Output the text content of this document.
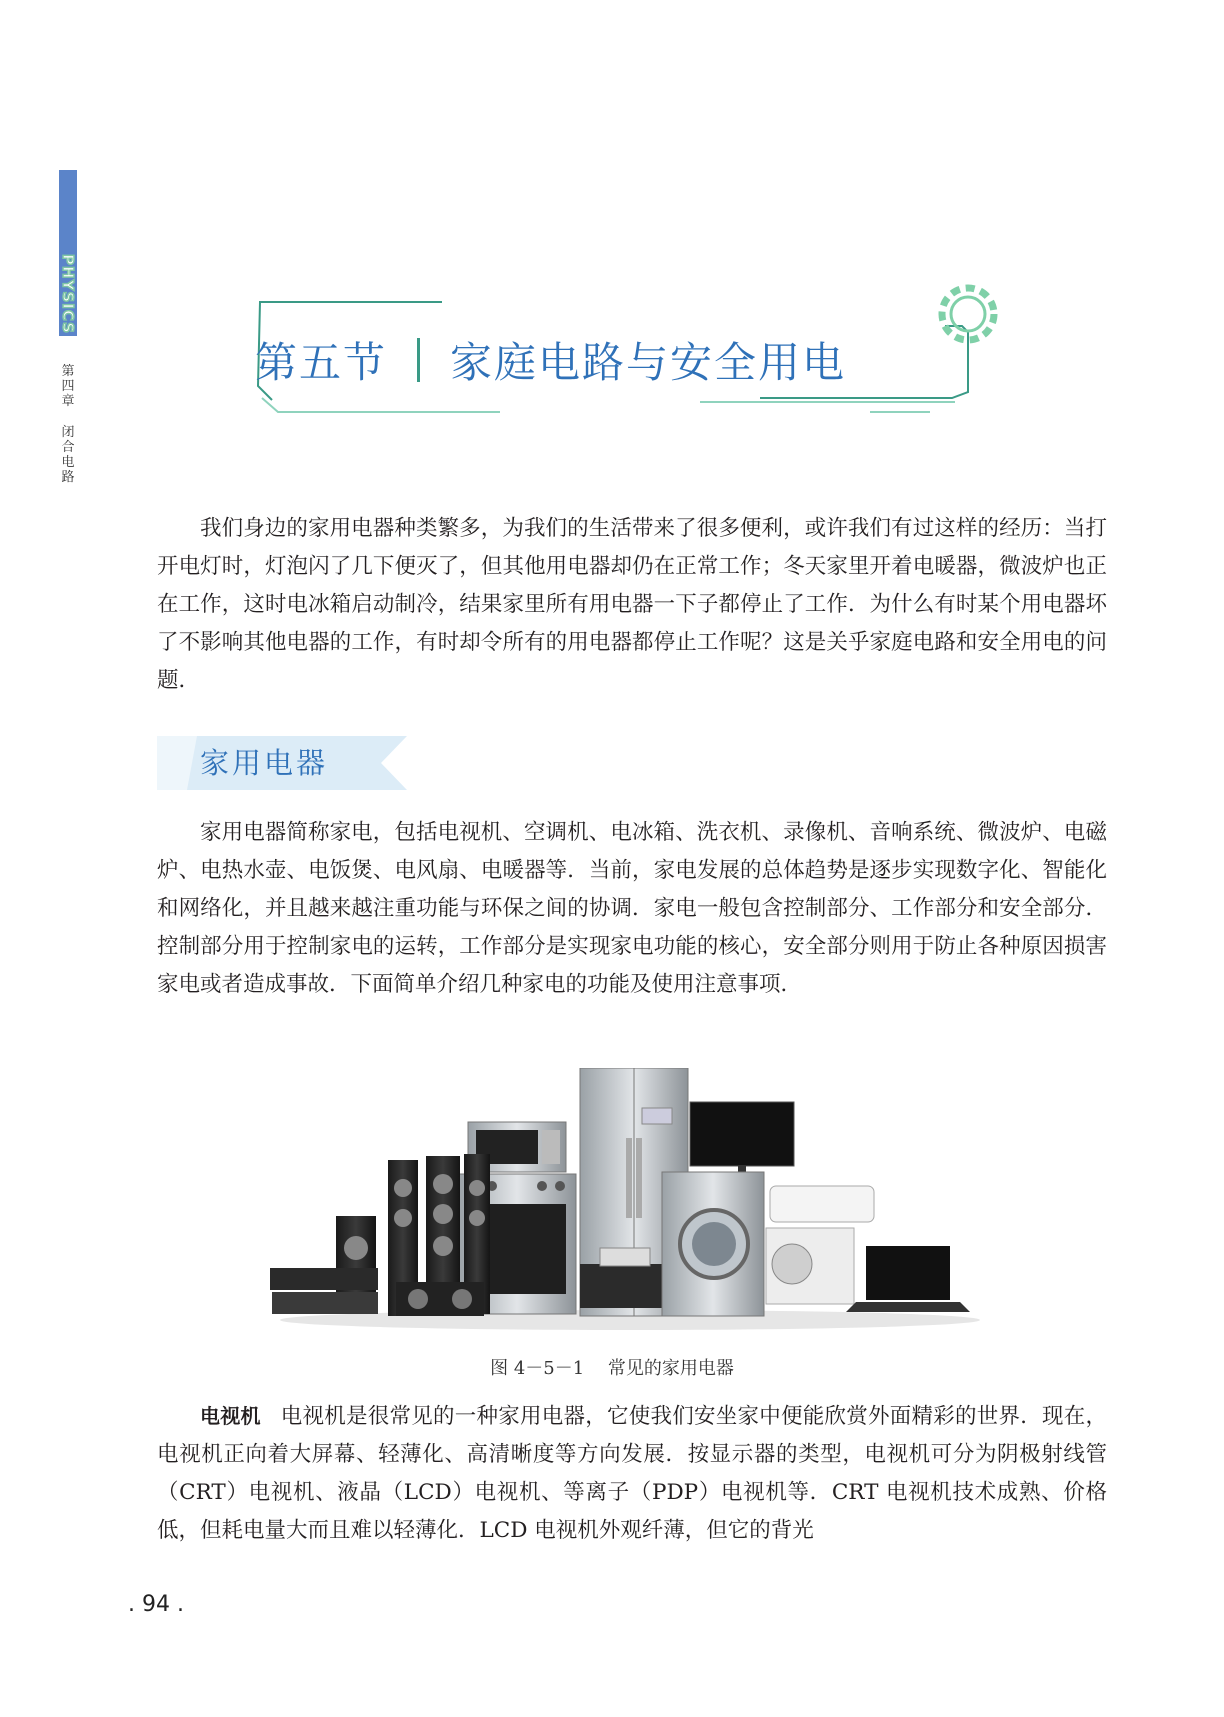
PHYSICS
第四章
闭合电路
第五节 家庭电路与安全用电
我们身边的家用电器种类繁多，为我们的生活带来了很多便利，或许我们有过这样的经历：当打开电灯时，灯泡闪了几下便灭了，但其他用电器却仍在正常工作；冬天家里开着电暖器，微波炉也正在工作，这时电冰箱启动制冷，结果家里所有用电器一下子都停止了工作．为什么有时某个用电器坏了不影响其他电器的工作，有时却令所有的用电器都停止工作呢？这是关乎家庭电路和安全用电的问题．
家用电器
家用电器简称家电，包括电视机、空调机、电冰箱、洗衣机、录像机、音响系统、微波炉、电磁炉、电热水壶、电饭煲、电风扇、电暖器等．当前，家电发展的总体趋势是逐步实现数字化、智能化和网络化，并且越来越注重功能与环保之间的协调．家电一般包含控制部分、工作部分和安全部分．控制部分用于控制家电的运转，工作部分是实现家电功能的核心，安全部分则用于防止各种原因损害家电或者造成事故．下面简单介绍几种家电的功能及使用注意事项．
图 4－5－1 常见的家用电器
电视机 电视机是很常见的一种家用电器，它使我们安坐家中便能欣赏外面精彩的世界．现在，电视机正向着大屏幕、轻薄化、高清晰度等方向发展．按显示器的类型，电视机可分为阴极射线管（CRT）电视机、液晶（LCD）电视机、等离子（PDP）电视机等．CRT 电视机技术成熟、价格低，但耗电量大而且难以轻薄化．LCD 电视机外观纤薄，但它的背光
. 94 .
